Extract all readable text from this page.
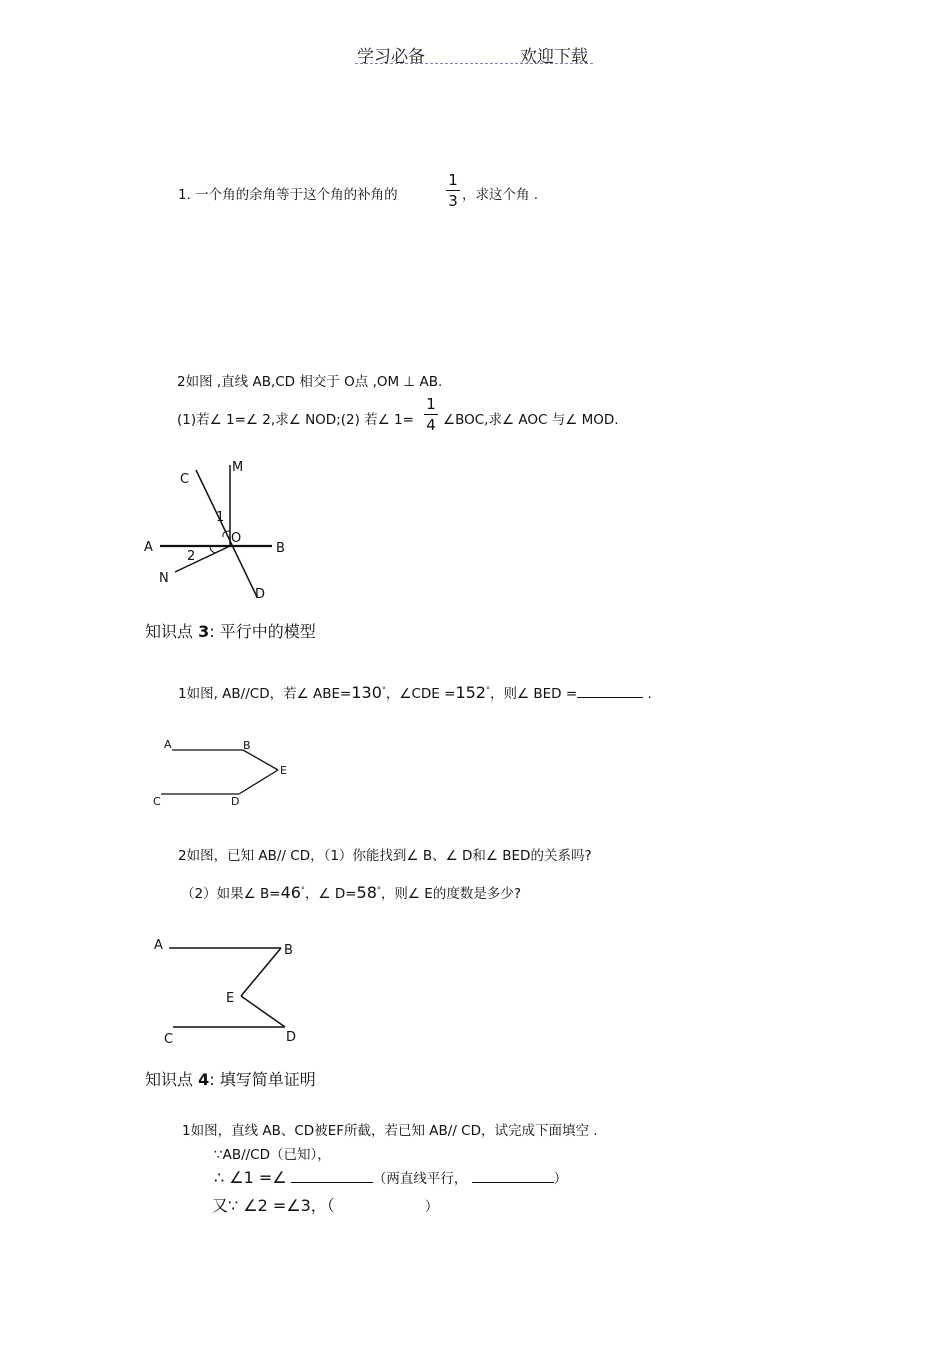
学习必备	欢迎下载
1. 一个角的余角等于这个角的补角的
1
3 ，求这个角 .
2如图 ,直线 AB,CD 相交于 O点 ,OM ⊥ AB.
(1)若∠ 1=∠ 2,求∠ NOD;(2) 若∠ 1=
1
4 ∠BOC,求∠ AOC 与∠ MOD.
C
M
1
O
A	B
2
N
D
知识点 3: 平行中的模型
1如图, AB//CD，若∠ ABE=130°，∠CDE =152°，则∠ BED =	.
A	B
E
C	D
2如图，已知 AB// CD，（1）你能找到∠ B、∠ D和∠ BED的关系吗?
（2）如果∠ B=46°，∠ D=58°，则∠ E的度数是多少?
A	B
E
C	D
知识点 4: 填写简单证明
1如图，直线 AB、CD被EF所截，若已知 AB// CD，试完成下面填空 .
∵AB//CD（已知），
∴ ∠1 =∠	（两直线平行，	）
又∵ ∠2 =∠3，（	）
